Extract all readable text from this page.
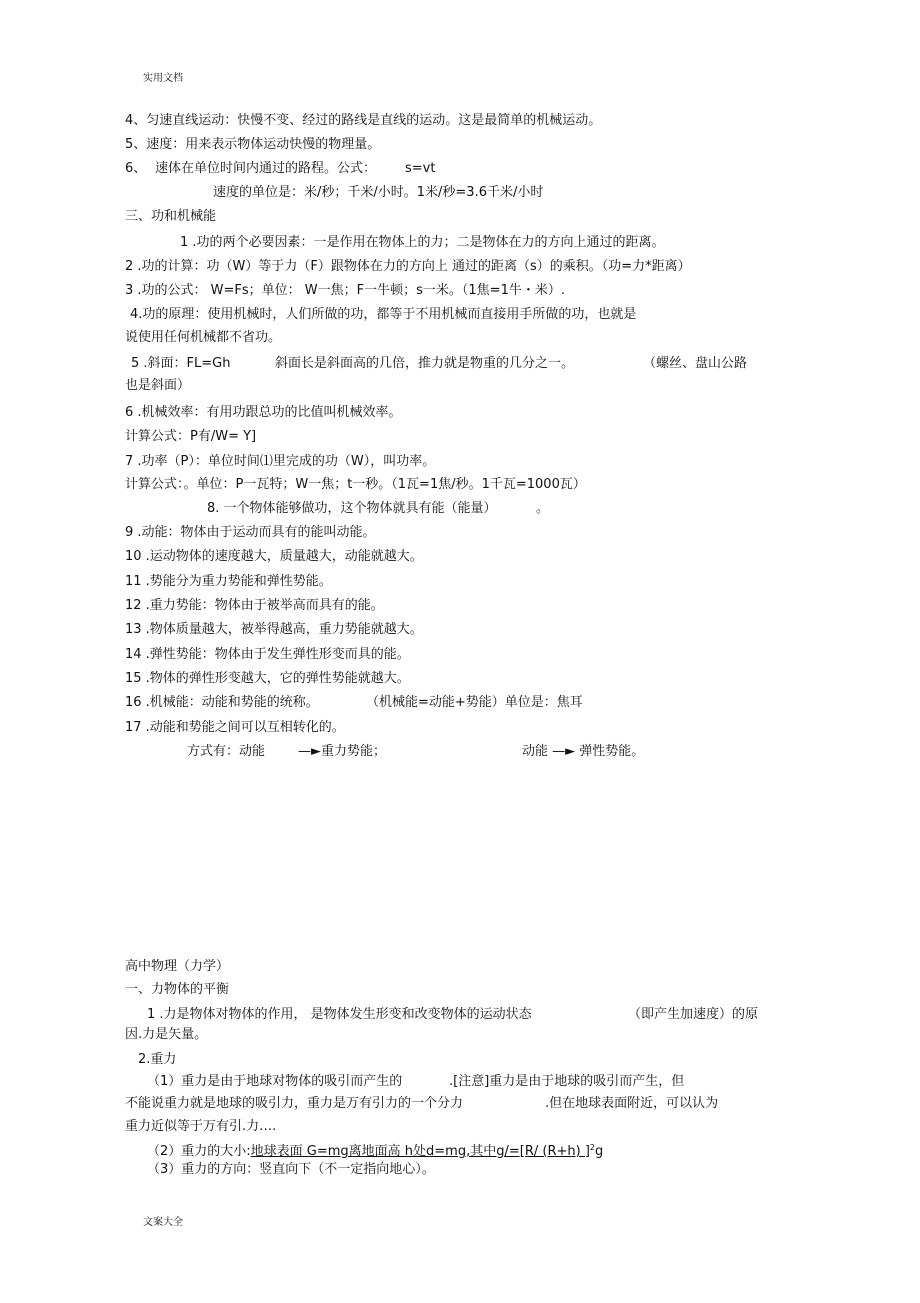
实用文档
4、匀速直线运动：快慢不变、经过的路线是直线的运动。这是最简单的机械运动。
5、速度：用来表示物体运动快慢的物理量。
6、 速体在单位时间内通过的路程。公式： s=vt
速度的单位是：米/秒；千米/小时。1米/秒=3.6千米/小时
三、功和机械能
1 .功的两个必要因素：一是作用在物体上的力；二是物体在力的方向上通过的距离。
2 .功的计算：功（W）等于力（F）跟物体在力的方向上 通过的距离（s）的乘积。（功=力*距离）
3 .功的公式： W=Fs；单位： W一焦；F一牛顿；s一米。（1焦=1牛・米）.
4.功的原理：使用机械时，人们所做的功，都等于不用机械而直接用手所做的功，也就是
说使用任何机械都不省功。
5 .斜面：FL=Gh	斜面长是斜面高的几倍，推力就是物重的几分之一。	（螺丝、盘山公路
也是斜面）
6 .机械效率：有用功跟总功的比值叫机械效率。
计算公式：P有/W= Y]
7 .功率（P）：单位时间⑴里完成的功（W），叫功率。
计算公式：。单位：P一瓦特；W一焦；t一秒。（1瓦=1焦/秒。1千瓦=1000瓦）
8. 一个物体能够做功，这个物体就具有能（能量）	。
9 .动能：物体由于运动而具有的能叫动能。
10 .运动物体的速度越大，质量越大，动能就越大。
11 .势能分为重力势能和弹性势能。
12 .重力势能：物体由于被举高而具有的能。
13 .物体质量越大，被举得越高，重力势能就越大。
14 .弹性势能：物体由于发生弹性形变而具的能。
15 .物体的弹性形变越大，它的弹性势能就越大。
16 .机械能：动能和势能的统称。	（机械能=动能+势能）单位是：焦耳
17 .动能和势能之间可以互相转化的。
方式有：动能	—►重力势能；	动能 —► 弹性势能。
高中物理（力学）
一、力物体的平衡
1 .力是物体对物体的作用， 是物体发生形变和改变物体的运动状态	（即产生加速度）的原
因.力是矢量。
2.重力
（1）重力是由于地球对物体的吸引而产生的	.[注意]重力是由于地球的吸引而产生，但
不能说重力就是地球的吸引力，重力是万有引力的一个分力	.但在地球表面附近，可以认为
重力近似等于万有引.力….
（2）重力的大小:地球表面 G=mg离地面高 h处d=mg,其中g/=[R/ (R+h) ]$^2$g
（3）重力的方向：竖直向下（不一定指向地心）。
文案大全
